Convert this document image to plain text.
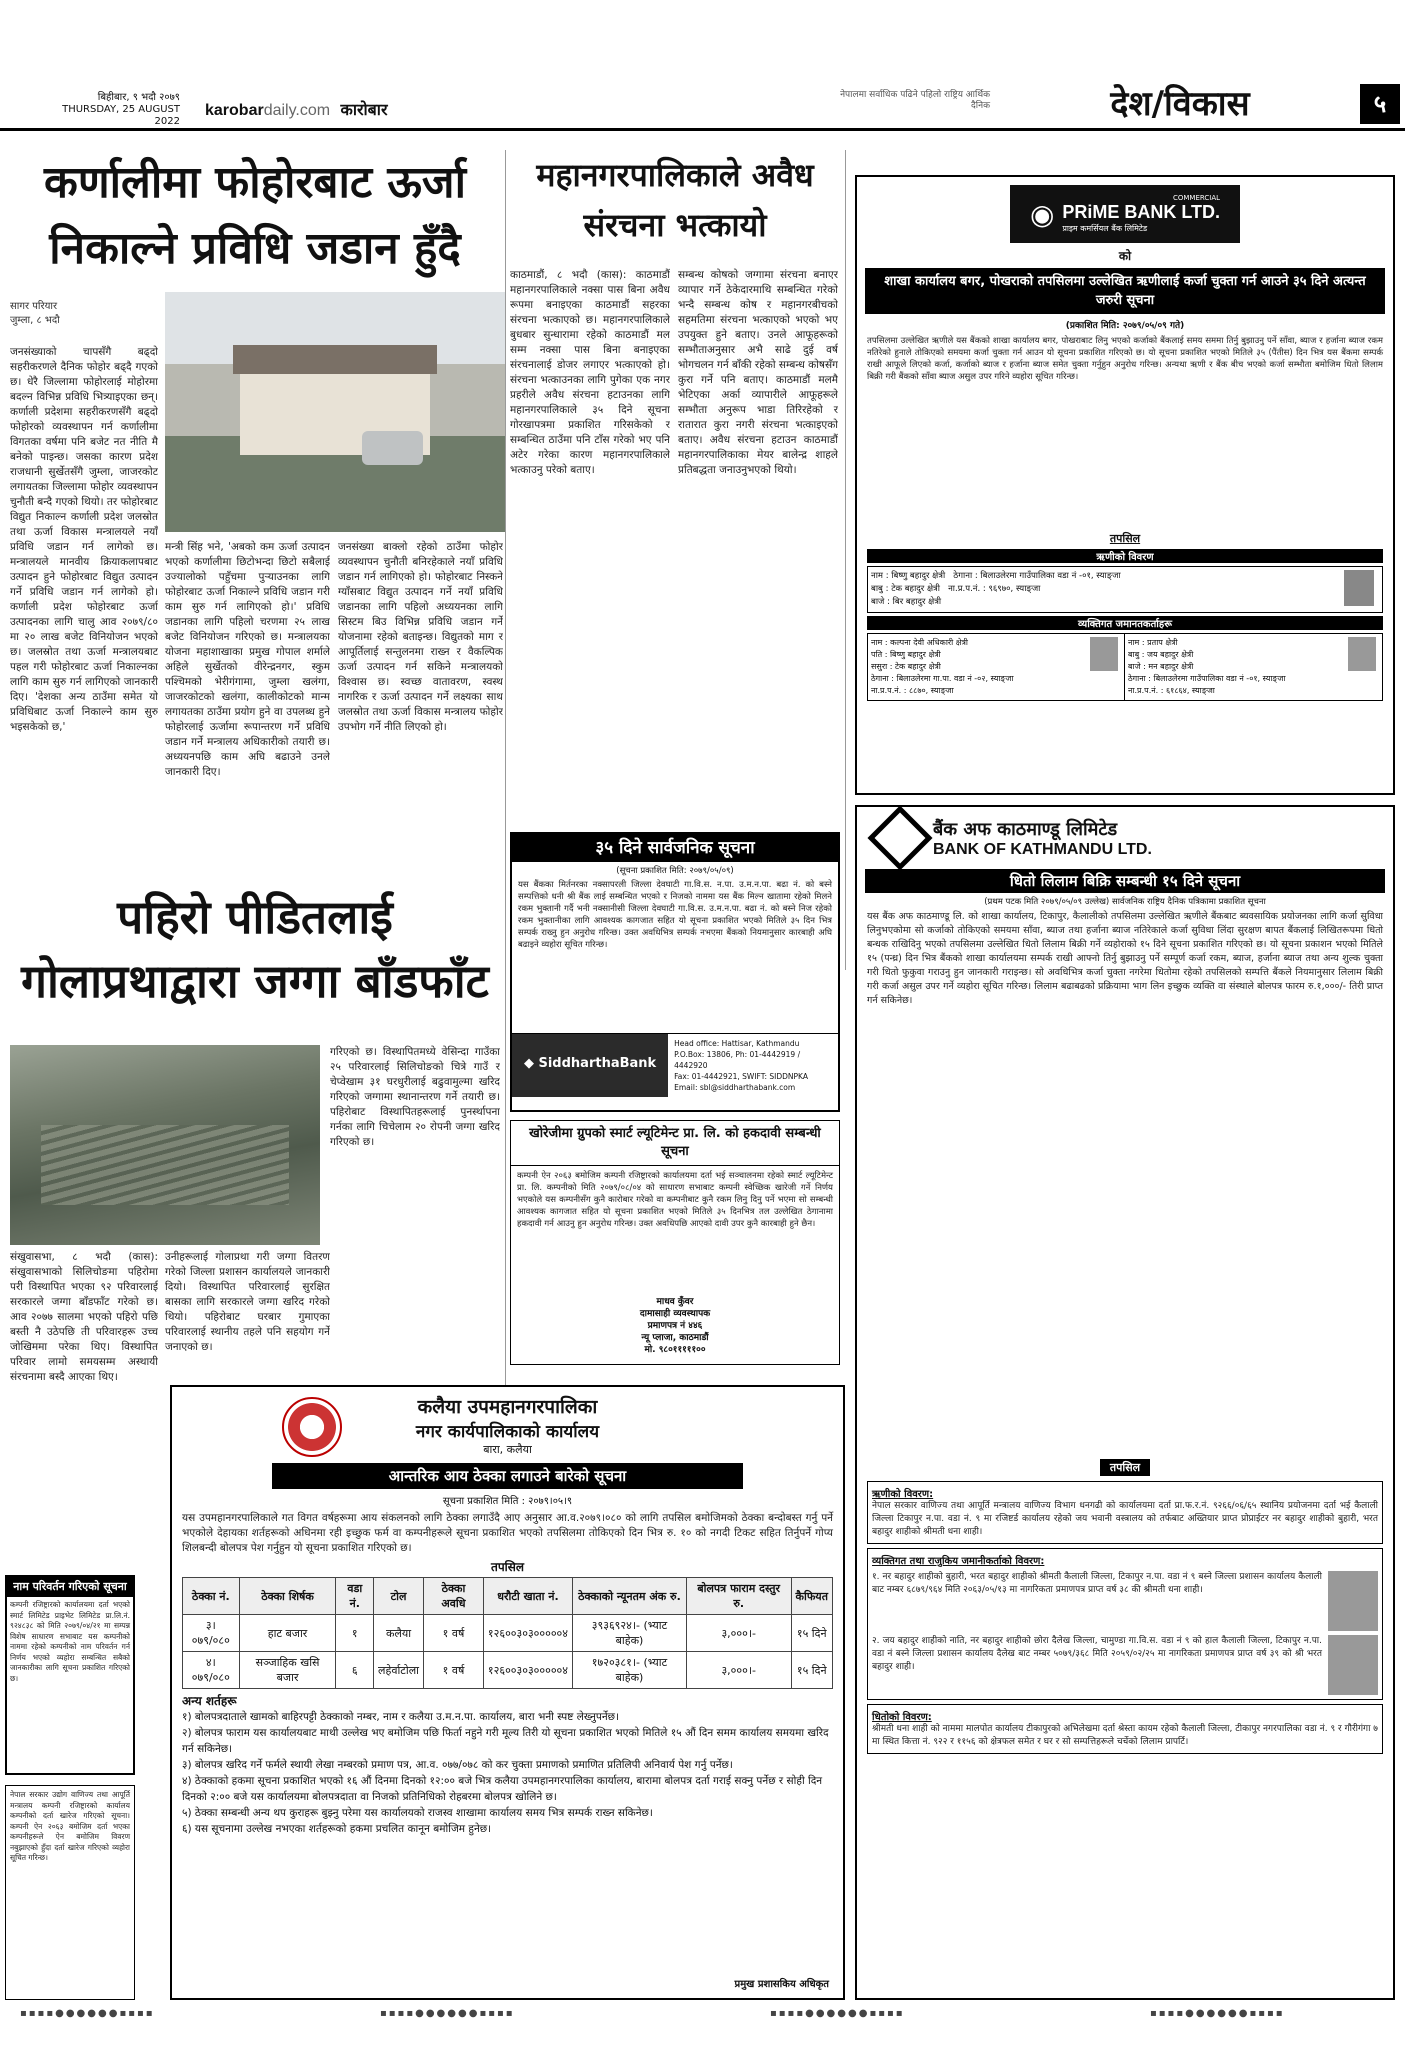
बिहीबार, ९ भदौ २०७९
THURSDAY, 25 AUGUST 2022
karobardaily.com कारोबार
नेपालमा सर्वाधिक पढिने पहिलो राष्ट्रिय आर्थिक दैनिक	देश/विकास	५
कर्णालीमा फोहोरबाट ऊर्जा निकाल्ने प्रविधि जडान हुँदै
सागर परियार
जुम्ला, ८ भदौ
जनसंख्याको चापसँगै बढ्दो सहरीकरणले दैनिक फोहोर बढ्दै गएको छ। धेरै जिल्लामा फोहोरलाई मोहोरमा बदल्न विभिन्न प्रविधि भित्र्याइएका छन्। कर्णाली प्रदेशमा सहरीकरणसँगै बढ्दो फोहोरको व्यवस्थापन गर्न कर्णालीमा विगतका वर्षमा पनि बजेट नत नीति मै बनेको पाइन्छ। जसका कारण प्रदेश राजधानी सुर्खेतसँगै जुम्ला, जाजरकोट लगायतका जिल्लामा फोहोर व्यवस्थापन चुनौती बन्दै गएको थियो। तर फोहोरबाट विद्युत निकाल्न कर्णाली प्रदेश जलस्रोत तथा ऊर्जा विकास मन्त्रालयले नयाँ प्रविधि जडान गर्न लागेको छ। मन्त्रालयले मानवीय क्रियाकलापबाट उत्पादन हुने फोहोरबाट विद्युत उत्पादन गर्ने प्रविधि जडान गर्न लागेको हो। कर्णाली प्रदेश फोहोरबाट ऊर्जा उत्पादनका लागि चालु आव २०७९/८० मा २० लाख बजेट विनियोजन भएको छ। जलस्रोत तथा ऊर्जा मन्त्रालयबाट पहल गरी फोहोरबाट ऊर्जा निकाल्नका लागि काम सुरु गर्न लागिएको जानकारी दिए। 'देशका अन्य ठाउँमा समेत यो प्रविधिबाट ऊर्जा निकाल्ने काम सुरु भइसकेको छ,'
मन्त्री सिंह भने, 'अबको कम ऊर्जा उत्पादन भएको कर्णालीमा छिटोभन्दा छिटो सबैलाई उज्यालोको पहुँचमा पुर्‍याउनका लागि फोहोरबाट ऊर्जा निकाल्ने प्रविधि जडान गरी काम सुरु गर्न लागिएको हो।' प्रविधि जडानका लागि पहिलो चरणमा २५ लाख बजेट विनियोजन गरिएको छ। मन्त्रालयका योजना महाशाखाका प्रमुख गोपाल शर्माले अहिले सुर्खेतको वीरेन्द्रनगर, स्कुम पश्चिमको भेरीगंगामा, जुम्ला खलंगा, जाजरकोटको खलंगा, कालीकोटको मान्म लगायतका ठाउँमा प्रयोग हुने वा उपलब्ध हुने फोहोरलाई ऊर्जामा रूपान्तरण गर्ने प्रविधि जडान गर्ने मन्त्रालय अधिकारीको तयारी छ। अध्ययनपछि काम अघि बढाउने उनले जानकारी दिए।
जनसंख्या बाक्लो रहेको ठाउँमा फोहोर व्यवस्थापन चुनौती बनिरहेकाले नयाँ प्रविधि जडान गर्न लागिएको हो। फोहोरबाट निस्कने ग्याँसबाट विद्युत उत्पादन गर्ने नयाँ प्रविधि जडानका लागि पहिलो अध्ययनका लागि सिस्टम बिउ विभिन्न प्रविधि जडान गर्ने योजनामा रहेको बताइन्छ। विद्युतको माग र आपूर्तिलाई सन्तुलनमा राख्न र वैकल्पिक ऊर्जा उत्पादन गर्न सकिने मन्त्रालयको विश्वास छ। स्वच्छ वातावरण, स्वस्थ नागरिक र ऊर्जा उत्पादन गर्ने लक्ष्यका साथ जलस्रोत तथा ऊर्जा विकास मन्त्रालय फोहोर उपभोग गर्ने नीति लिएको हो।
पहिरो पीडितलाई
गोलाप्रथाद्वारा जग्गा बाँडफाँट
गरिएको छ। विस्थापितमध्ये वेसिन्दा गाउँका २५ परिवारलाई सिलिचोङको चित्रे गाउँ र चेप्वेखाम ३१ घरधुरीलाई बढुवामुल्मा खरिद गरिएको जग्गामा स्थानान्तरण गर्ने तयारी छ। पहिरोबाट विस्थापितहरूलाई पुनर्स्थापना गर्नका लागि चिचेलाम २० रोपनी जग्गा खरिद गरिएको छ।
संखुवासभा, ८ भदौ (कास): संखुवासभाको सिलिचोङमा पहिरोमा परी विस्थापित भएका ९२ परिवारलाई सरकारले जग्गा बाँडफाँट गरेको छ। आव २०७७ सालमा भएको पहिरो पछि बस्ती नै उठेपछि ती परिवारहरू उच्च जोखिममा परेका थिए। विस्थापित परिवार लामो समयसम्म अस्थायी संरचनामा बस्दै आएका थिए।
उनीहरूलाई गोलाप्रथा गरी जग्गा वितरण गरेको जिल्ला प्रशासन कार्यालयले जानकारी दियो। विस्थापित परिवारलाई सुरक्षित बासका लागि सरकारले जग्गा खरिद गरेको थियो। पहिरोबाट घरबार गुमाएका परिवारलाई स्थानीय तहले पनि सहयोग गर्ने जनाएको छ।
महानगरपालिकाले अवैध संरचना भत्कायो
काठमाडौं, ८ भदौ (कास): काठमाडौं महानगरपालिकाले नक्सा पास बिना अवैध रूपमा बनाइएका काठमाडौं सहरका संरचना भत्काएको छ। महानगरपालिकाले बुधबार सुन्धारामा रहेको काठमाडौं मल सम्म नक्सा पास बिना बनाइएका संरचनालाई डोजर लगाएर भत्काएको हो। संरचना भत्काउनका लागि पुगेका एक नगर प्रहरीले अवैध संरचना हटाउनका लागि महानगरपालिकाले ३५ दिने सूचना गोरखापत्रमा प्रकाशित गरिसकेको र सम्बन्धित ठाउँमा पनि टाँस गरेको भए पनि अटेर गरेका कारण महानगरपालिकाले भत्काउनु परेको बताए।
सम्बन्ध कोषको जग्गामा संरचना बनाएर व्यापार गर्ने ठेकेदारमाथि सम्बन्धित गरेको भन्दै सम्बन्ध कोष र महानगरबीचको सहमतिमा संरचना भत्काएको भएको भए उपयुक्त हुने बताए। उनले आफूहरूको सम्भौताअनुसार अभै साढे दुई वर्ष भोगचलन गर्न बाँकी रहेको सम्बन्ध कोषसँग कुरा गर्ने पनि बताए। काठमाडौं मलमै भेटिएका अर्का व्यापारीले आफूहरूले सम्भौता अनुरूप भाडा तिरिरहेको र रातारात कुरा नगरी संरचना भत्काइएको बताए। अवैध संरचना हटाउन काठमाडौं महानगरपालिकाका मेयर बालेन्द्र शाहले प्रतिबद्धता जनाउनुभएको थियो।
३५ दिने सार्वजनिक सूचना
(सूचना प्रकाशित मिति: २०७९/०५/०९)
यस बैंकका मिर्तनरका नक्सापरली जिल्ला देवघाटी गा.वि.स. न.पा. उ.म.न.पा. बढा नं. को बस्ने सम्पत्तिको धनी श्री बैंक लाई सम्बन्धित भएको र निजको नाममा यस बैंक मिल्न खातामा रहेको मिलने रकम भुक्तानी गर्दै भनी नक्सानीसी जिल्ला देवघाटी गा.वि.स. उ.म.न.पा. बढा नं. को बस्ने निज रहेको रकम भुक्तानीका लागि आवश्यक कागजात सहित यो सूचना प्रकाशित भएको मितिले ३५ दिन भित्र सम्पर्क राख्नु हुन अनुरोध गरिन्छ। उक्त अवधिभित्र सम्पर्क नभएमा बैंकको नियमानुसार कारबाही अघि बढाइने व्यहोरा सूचित गरिन्छ।
◆ SiddharthaBank
Head office: Hattisar, Kathmandu
P.O.Box: 13806, Ph: 01-4442919 / 4442920
Fax: 01-4442921, SWIFT: SIDDNPKA
Email: sbl@siddharthabank.com
खोरेजीमा ग्रुपको स्मार्ट ल्यूटिमेन्ट प्रा. लि. को हकदावी सम्बन्धी सूचना
कम्पनी ऐन २०६३ बमोजिम कम्पनी रजिष्ट्रारको कार्यालयमा दर्ता भई सञ्चालनमा रहेको स्मार्ट ल्यूटिमेन्ट प्रा. लि. कम्पनीको मिति २०७९/०८/०४ को साधारण सभाबाट कम्पनी स्वेच्छिक खारेजी गर्ने निर्णय भएकोले यस कम्पनीसँग कुनै कारोबार गरेको वा कम्पनीबाट कुनै रकम लिनु दिनु पर्ने भएमा सो सम्बन्धी आवश्यक कागजात सहित यो सूचना प्रकाशित भएको मितिले ३५ दिनभित्र तल उल्लेखित ठेगानामा हकदावी गर्न आउनु हुन अनुरोध गरिन्छ। उक्त अवधिपछि आएको दावी उपर कुनै कारबाही हुने छैन।
माधव कुँवर
दामासाही व्यवस्थापक
प्रमाणपत्र नं ४४६
न्यू प्लाजा, काठमाडौं
मो. ९८०१११११००
◉	COMMERCIAL
PRiME BANK LTD.
प्राइम कमर्सियल बैंक लिमिटेड
को
शाखा कार्यालय बगर, पोखराको तपसिलमा उल्लेखित ऋणीलाई कर्जा चुक्ता गर्न आउने ३५ दिने अत्यन्त जरुरी सूचना
(प्रकाशित मिति: २०७९/०५/०९ गते)
तपसिलमा उल्लेखित ऋणीले यस बैंकको शाखा कार्यालय बगर, पोखराबाट लिनु भएको कर्जाको बैंकलाई समय सममा तिर्नु बुझाउनु पर्ने साँवा, ब्याज र हर्जाना ब्याज रकम नतिरेको हुनाले तोकिएको समयमा कर्जा चुक्ता गर्न आउन यो सूचना प्रकाशित गरिएको छ। यो सूचना प्रकाशित भएको मितिले ३५ (पैंतीस) दिन भित्र यस बैंकमा सम्पर्क राखी आफूले लिएको कर्जा, कर्जाको ब्याज र हर्जाना ब्याज समेत चुक्ता गर्नुहुन अनुरोध गरिन्छ। अन्यथा ऋणी र बैंक बीच भएको कर्जा सम्भौता बमोजिम धितो लिलाम बिक्री गरी बैंकको साँवा ब्याज असुल उपर गरिने व्यहोरा सूचित गरिन्छ।
तपसिल
ऋणीको विवरण
नाम : बिष्णु बहादुर क्षेत्री ठेगाना : बिलाउलेरमा गाउँपालिका वडा नं -०१, स्याङ्जा
बाबु : टेक बहादुर क्षेत्री ना.प्र.प.नं. : ९६९७०, स्याङ्जा
बाजे : बिर बहादुर क्षेत्री
व्यक्तिगत जमानतकर्ताहरू
नाम : कल्पना देवी अधिकारी क्षेत्री
पति : बिष्णु बहादुर क्षेत्री
ससुरा : टेक बहादुर क्षेत्री
ठेगाना : बिलाउलेरमा गा.पा. वडा नं -०२, स्याङ्जा
ना.प्र.प.नं. : ८८७०, स्याङ्जा
नाम : प्रताप क्षेत्री
बाबु : जय बहादुर क्षेत्री
बाजे : मन बहादुर क्षेत्री
ठेगाना : बिलाउलेरमा गाउँपालिका वडा नं -०१, स्याङ्जा
ना.प्र.प.नं. : ६१८६४, स्याङ्जा
बैंक अफ काठमाण्डू लिमिटेड
BANK OF KATHMANDU LTD.
धितो लिलाम बिक्रि सम्बन्धी १५ दिने सूचना
(प्रथम पटक मिति २०७९/०५/०९ उल्लेख) सार्वजनिक राष्ट्रिय दैनिक पत्रिकामा प्रकाशित सूचना
यस बैंक अफ काठमाण्डू लि. को शाखा कार्यालय, टिकापुर, कैलालीको तपसिलमा उल्लेखित ऋणीले बैंकबाट ब्यवसायिक प्रयोजनका लागि कर्जा सुविधा लिनुभएकोमा सो कर्जाको तोकिएको समयमा साँवा, ब्याज तथा हर्जाना ब्याज नतिरेकाले कर्जा सुविधा लिंदा सुरक्षण बापत बैंकलाई लिखितरूपमा धितो बन्धक राखिदिनु भएको तपसिलमा उल्लेखित धितो लिलाम बिक्री गर्ने व्यहोराको १५ दिने सूचना प्रकाशित गरिएको छ। यो सूचना प्रकाशन भएको मितिले १५ (पन्ध्र) दिन भित्र बैंकको शाखा कार्यालयमा सम्पर्क राखी आफ्नो तिर्नु बुझाउनु पर्ने सम्पूर्ण कर्जा रकम, ब्याज, हर्जाना ब्याज तथा अन्य शुल्क चुक्ता गरी धितो फुकुवा गराउनु हुन जानकारी गराइन्छ। सो अवधिभित्र कर्जा चुक्ता नगरेमा धितोमा रहेको तपसिलको सम्पत्ति बैंकले नियमानुसार लिलाम बिक्री गरी कर्जा असुल उपर गर्ने व्यहोरा सूचित गरिन्छ। लिलाम बढाबढको प्रक्रियामा भाग लिन इच्छुक व्यक्ति वा संस्थाले बोलपत्र फारम रु.१,०००/- तिरी प्राप्त गर्न सकिनेछ।
तपसिल
ऋणीको विवरण:
नेपाल सरकार वाणिज्य तथा आपूर्ति मन्त्रालय वाणिज्य विभाग धनगढी को कार्यालयमा दर्ता प्रा.फ.र.नं. ९२६६/०६/६५ स्थानिय प्रयोजनमा दर्ता भई कैलाली जिल्ला टिकापुर न.पा. वडा नं. ९ मा रजिष्टर्ड कार्यालय रहेको जय भवानी वस्त्रालय को तर्फबाट अख्तियार प्राप्त प्रोप्राईटर नर बहादुर शाहीको बुहारी, भरत बहादुर शाहीको श्रीमती धना शाही।
व्यक्तिगत तथा राजुकिय जमानीकर्ताको विवरण:
१. नर बहादुर शाहीको बुहारी, भरत बहादुर शाहीको श्रीमती कैलाली जिल्ला, टिकापुर न.पा. वडा नं ९ बस्ने जिल्ला प्रशासन कार्यालय कैलाली बाट नम्बर ६८७९/९६४ मिति २०६३/०५/१३ मा नागरिकता प्रमाणपत्र प्राप्त वर्ष ३८ की श्रीमती धना शाही।
२. जय बहादुर शाहीको नाति, नर बहादुर शाहीको छोरा दैलेख जिल्ला, चामुण्डा गा.वि.स. वडा नं ९ को हाल कैलाली जिल्ला, टिकापुर न.पा. वडा नं बस्ने जिल्ला प्रशासन कार्यालय दैलेख बाट नम्बर ५०७९/३६८ मिति २०५९/०२/२५ मा नागरिकता प्रमाणपत्र प्राप्त वर्ष ३९ को श्री भरत बहादुर शाही।
धितोको विवरण:
श्रीमती धना शाही को नाममा मालपोत कार्यालय टीकापुरको अभिलेखमा दर्ता श्रेस्ता कायम रहेको कैलाली जिल्ला, टीकापुर नगरपालिका वडा नं. ९ र गौरीगंगा ७ मा स्थित कित्ता नं. ९२२ र ११५६ को क्षेत्रफल समेत र घर र सो सम्पत्तिहरूले चर्चेको लिलाम प्रापर्टि।
नाम परिवर्तन गरिएको सूचना
कम्पनी रजिष्ट्रारको कार्यालयमा दर्ता भएको स्मार्ट लिमिटेड प्राइभेट लिमिटेड प्रा.लि.नं. ९२४८३८ को मिति २०७९/०४/२१ मा सम्पन्न विशेष साधारण सभाबाट यस कम्पनीको नाममा रहेको कम्पनीको नाम परिवर्तन गर्न निर्णय भएको व्यहोरा सम्बन्धित सबैको जानकारीका लागि सूचना प्रकाशित गरिएको छ।
नेपाल सरकार उद्योग वाणिज्य तथा आपूर्ति मन्त्रालय कम्पनी रजिष्ट्रारको कार्यालय कम्पनीको दर्ता खारेज गरिएको सूचना। कम्पनी ऐन २०६३ बमोजिम दर्ता भएका कम्पनीहरूले ऐन बमोजिम विवरण नबुझाएको हुँदा दर्ता खारेज गरिएको व्यहोरा सूचित गरिन्छ।
कलैया उपमहानगरपालिका
नगर कार्यपालिकाको कार्यालय
बारा, कलैया
आन्तरिक आय ठेक्का लगाउने बारेको सूचना
सूचना प्रकाशित मिति : २०७९।०५।९
यस उपमहानगरपालिकाले गत विगत वर्षहरूमा आय संकलनको लागि ठेक्का लगाउँदै आए अनुसार आ.व.२०७९।०८० को लागि तपसिल बमोजिमको ठेक्का बन्दोबस्त गर्नु पर्ने भएकोले देहायका शर्तहरूको अधिनमा रही इच्छुक फर्म वा कम्पनीहरूले सूचना प्रकाशित भएको तपसिलमा तोकिएको दिन भित्र रु. १० को नगदी टिकट सहित तिर्नुपर्ने गोप्य शिलबन्दी बोलपत्र पेश गर्नुहुन यो सूचना प्रकाशित गरिएको छ।
तपसिल
ठेक्का नं.	ठेक्का शिर्षक	वडा नं.	टोल	ठेक्का अवधि	धरौटी खाता नं.	ठेक्काको न्यूनतम अंक रु.	बोलपत्र फाराम दस्तुर रु.	कैफियत
३।०७९/०८०	हाट बजार	१	कलैया	१ वर्ष	१२६००३०३०००००४	३९३६९२४।- (भ्याट बाहेक)	३,०००।-	१५ दिने
४।०७९/०८०	सञ्जाहिक खसि बजार	६	लहेर्वाटोला	१ वर्ष	१२६००३०३०००००४	१७२०३८१।- (भ्याट बाहेक)	३,०००।-	१५ दिने
अन्य शर्तहरू
१) बोलपत्रदाताले खामको बाहिरपट्टी ठेक्काको नम्बर, नाम र कलैया उ.म.न.पा. कार्यालय, बारा भनी स्पष्ट लेख्नुपर्नेछ।
२) बोलपत्र फाराम यस कार्यालयबाट माथी उल्लेख भए बमोजिम पछि फिर्ता नहुने गरी मूल्य तिरी यो सूचना प्रकाशित भएको मितिले १५ औं दिन समम कार्यालय समयमा खरिद गर्न सकिनेछ।
३) बोलपत्र खरिद गर्ने फर्मले स्थायी लेखा नम्बरको प्रमाण पत्र, आ.व. ०७७/०७८ को कर चुक्ता प्रमाणको प्रमाणित प्रतिलिपी अनिवार्य पेश गर्नु पर्नेछ।
४) ठेक्काको हकमा सूचना प्रकाशित भएको १६ औं दिनमा दिनको १२:०० बजे भित्र कलैया उपमहानगरपालिका कार्यालय, बारामा बोलपत्र दर्ता गराई सक्नु पर्नेछ र सोही दिन दिनको २:०० बजे यस कार्यालयमा बोलपत्रदाता वा निजको प्रतिनिधिको रोहबरमा बोलपत्र खोलिने छ।
५) ठेक्का सम्बन्धी अन्य थप कुराहरू बुझ्नु परेमा यस कार्यालयको राजस्व शाखामा कार्यालय समय भित्र सम्पर्क राख्न सकिनेछ।
६) यस सूचनामा उल्लेख नभएका शर्तहरूको हकमा प्रचलित कानून बमोजिम हुनेछ।
प्रमुख प्रशासकिय अधिकृत
▪▪▪▪●●●●●●▪▪▪▪	▪▪▪▪●●●●●●▪▪▪▪	▪▪▪▪●●●●●●▪▪▪▪	▪▪▪▪●●●●●●▪▪▪▪
